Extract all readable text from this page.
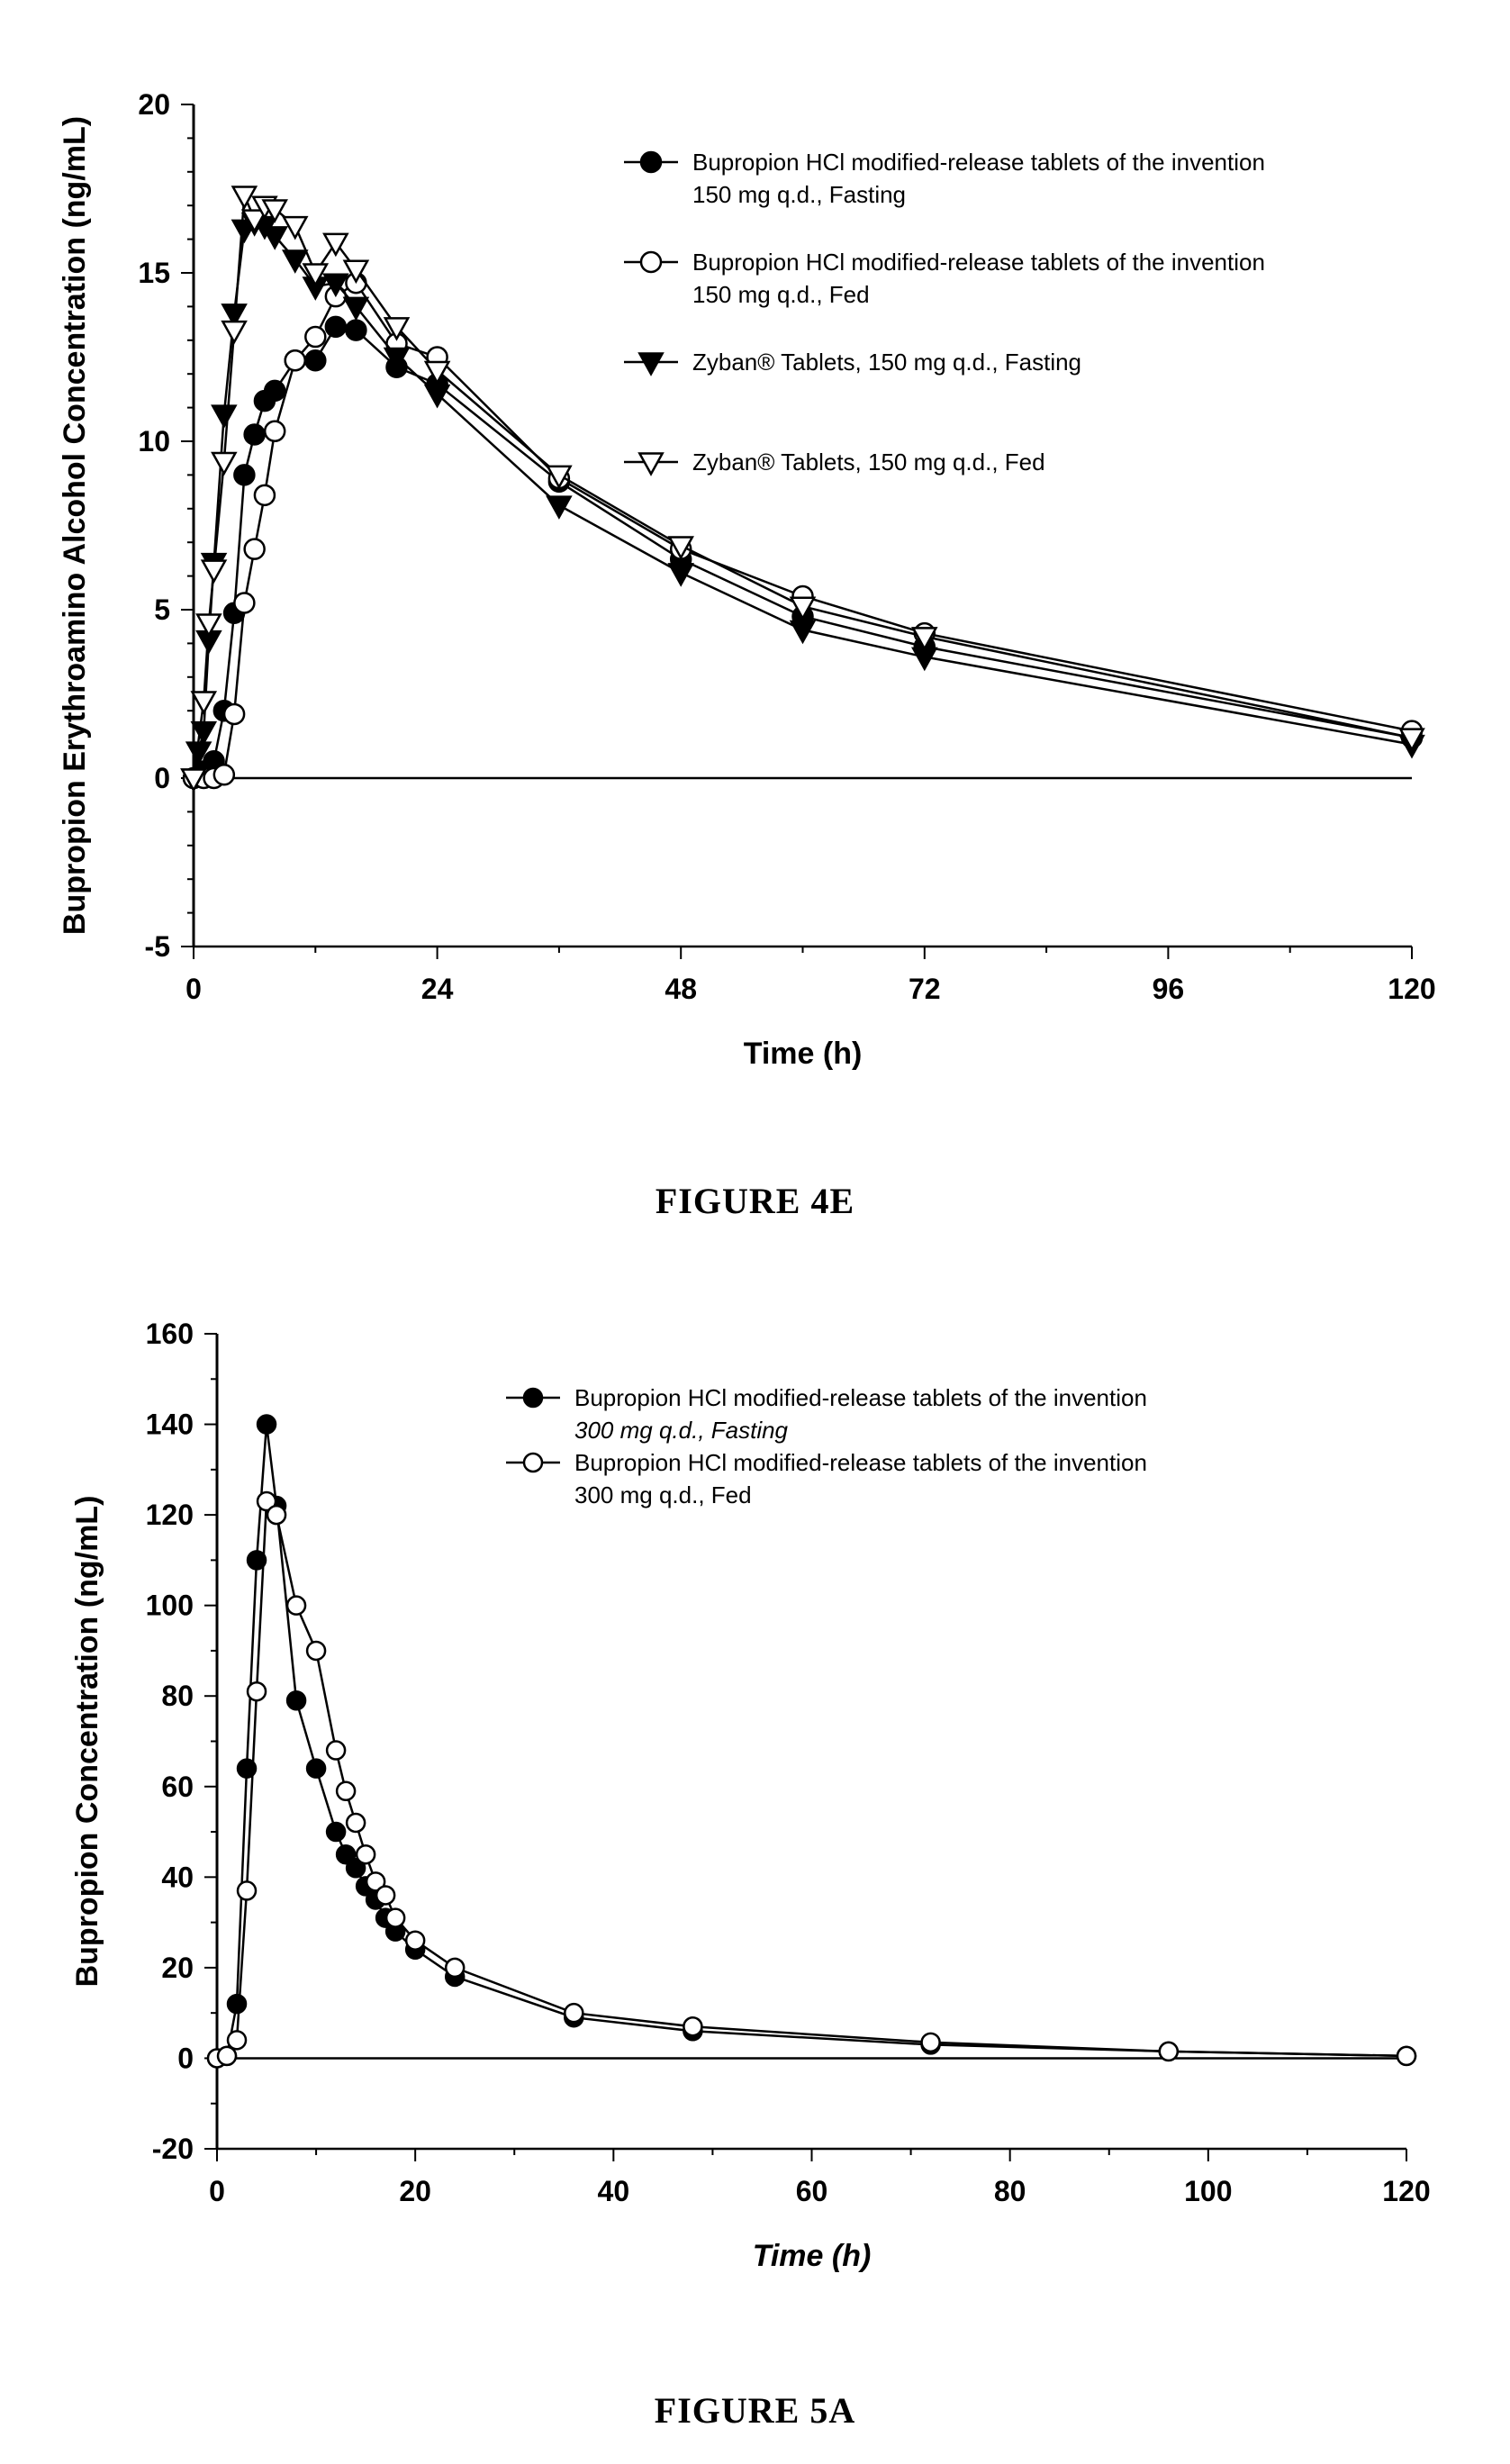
-5
0
5
10
15
20
0	24	48	72	96	120
Time (h)
Bupropion Erythroamino Alcohol Concentration (ng/mL)	Bupropion HCl modified-release tablets of the invention
150 mg q.d., Fasting
Bupropion HCl modified-release tablets of the invention
150 mg q.d., Fed
Zyban® Tablets, 150 mg q.d., Fasting
Zyban® Tablets, 150 mg q.d., Fed
-20
0
20
40
60
80
100
120
140
160
0	20	40	60	80	100	120
Time (h)
Bupropion Concentration (ng/mL)
Bupropion HCl modified-release tablets of the invention
300 mg q.d., Fasting
Bupropion HCl modified-release tablets of the invention
300 mg q.d., Fed
FIGURE 4E
FIGURE 5A
